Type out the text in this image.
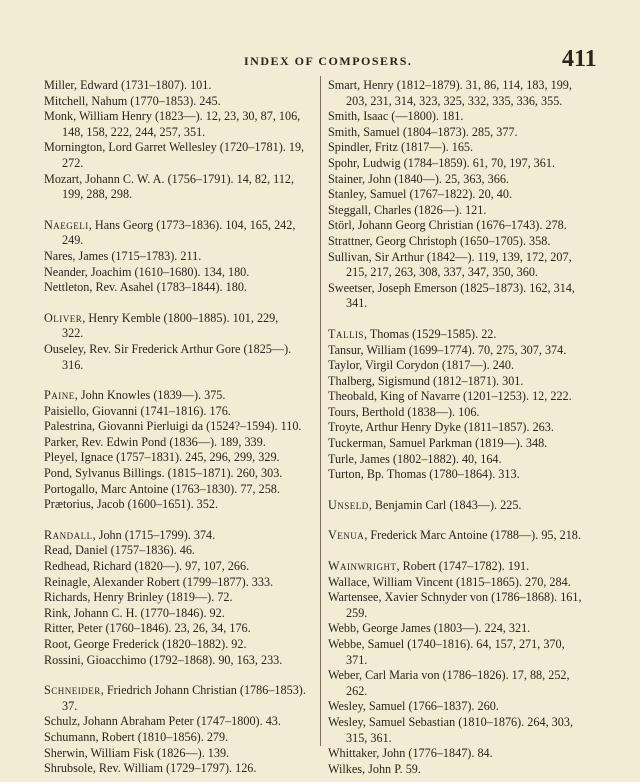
INDEX OF COMPOSERS.	411
Miller, Edward (1731–1807). 101.
Mitchell, Nahum (1770–1853). 245.
Monk, William Henry (1823—). 12, 23, 30, 87, 106,
148, 158, 222, 244, 257, 351.
Mornington, Lord Garret Wellesley (1720–1781). 19,
272.
Mozart, Johann C. W. A. (1756–1791). 14, 82, 112,
199, 288, 298.
Naegeli, Hans Georg (1773–1836). 104, 165, 242,
249.
Nares, James (1715–1783). 211.
Neander, Joachim (1610–1680). 134, 180.
Nettleton, Rev. Asahel (1783–1844). 180.
Oliver, Henry Kemble (1800–1885). 101, 229,
322.
Ouseley, Rev. Sir Frederick Arthur Gore (1825—).
316.
Paine, John Knowles (1839—). 375.
Paisiello, Giovanni (1741–1816). 176.
Palestrina, Giovanni Pierluigi da (1524?–1594). 110.
Parker, Rev. Edwin Pond (1836—). 189, 339.
Pleyel, Ignace (1757–1831). 245, 296, 299, 329.
Pond, Sylvanus Billings. (1815–1871). 260, 303.
Portogallo, Marc Antoine (1763–1830). 77, 258.
Prætorius, Jacob (1600–1651). 352.
Randall, John (1715–1799). 374.
Read, Daniel (1757–1836). 46.
Redhead, Richard (1820—). 97, 107, 266.
Reinagle, Alexander Robert (1799–1877). 333.
Richards, Henry Brinley (1819—). 72.
Rink, Johann C. H. (1770–1846). 92.
Ritter, Peter (1760–1846). 23, 26, 34, 176.
Root, George Frederick (1820–1882). 92.
Rossini, Gioacchimo (1792–1868). 90, 163, 233.
Schneider, Friedrich Johann Christian (1786–1853).
37.
Schulz, Johann Abraham Peter (1747–1800). 43.
Schumann, Robert (1810–1856). 279.
Sherwin, William Fisk (1826—). 139.
Shrubsole, Rev. William (1729–1797). 126.
Smart, Henry (1812–1879). 31, 86, 114, 183, 199,
203, 231, 314, 323, 325, 332, 335, 336, 355.
Smith, Isaac (—1800). 181.
Smith, Samuel (1804–1873). 285, 377.
Spindler, Fritz (1817—). 165.
Spohr, Ludwig (1784–1859). 61, 70, 197, 361.
Stainer, John (1840—). 25, 363, 366.
Stanley, Samuel (1767–1822). 20, 40.
Steggall, Charles (1826—). 121.
Störl, Johann Georg Christian (1676–1743). 278.
Strattner, Georg Christoph (1650–1705). 358.
Sullivan, Sir Arthur (1842—). 119, 139, 172, 207,
215, 217, 263, 308, 337, 347, 350, 360.
Sweetser, Joseph Emerson (1825–1873). 162, 314,
341.
Tallis, Thomas (1529–1585). 22.
Tansur, William (1699–1774). 70, 275, 307, 374.
Taylor, Virgil Corydon (1817—). 240.
Thalberg, Sigismund (1812–1871). 301.
Theobald, King of Navarre (1201–1253). 12, 222.
Tours, Berthold (1838—). 106.
Troyte, Arthur Henry Dyke (1811–1857). 263.
Tuckerman, Samuel Parkman (1819—). 348.
Turle, James (1802–1882). 40, 164.
Turton, Bp. Thomas (1780–1864). 313.
Unseld, Benjamin Carl (1843—). 225.
Venua, Frederick Marc Antoine (1788—). 95, 218.
Wainwright, Robert (1747–1782). 191.
Wallace, William Vincent (1815–1865). 270, 284.
Wartensee, Xavier Schnyder von (1786–1868). 161,
259.
Webb, George James (1803—). 224, 321.
Webbe, Samuel (1740–1816). 64, 157, 271, 370,
371.
Weber, Carl Maria von (1786–1826). 17, 88, 252,
262.
Wesley, Samuel (1766–1837). 260.
Wesley, Samuel Sebastian (1810–1876). 264, 303,
315, 361.
Whittaker, John (1776–1847). 84.
Wilkes, John P. 59.
